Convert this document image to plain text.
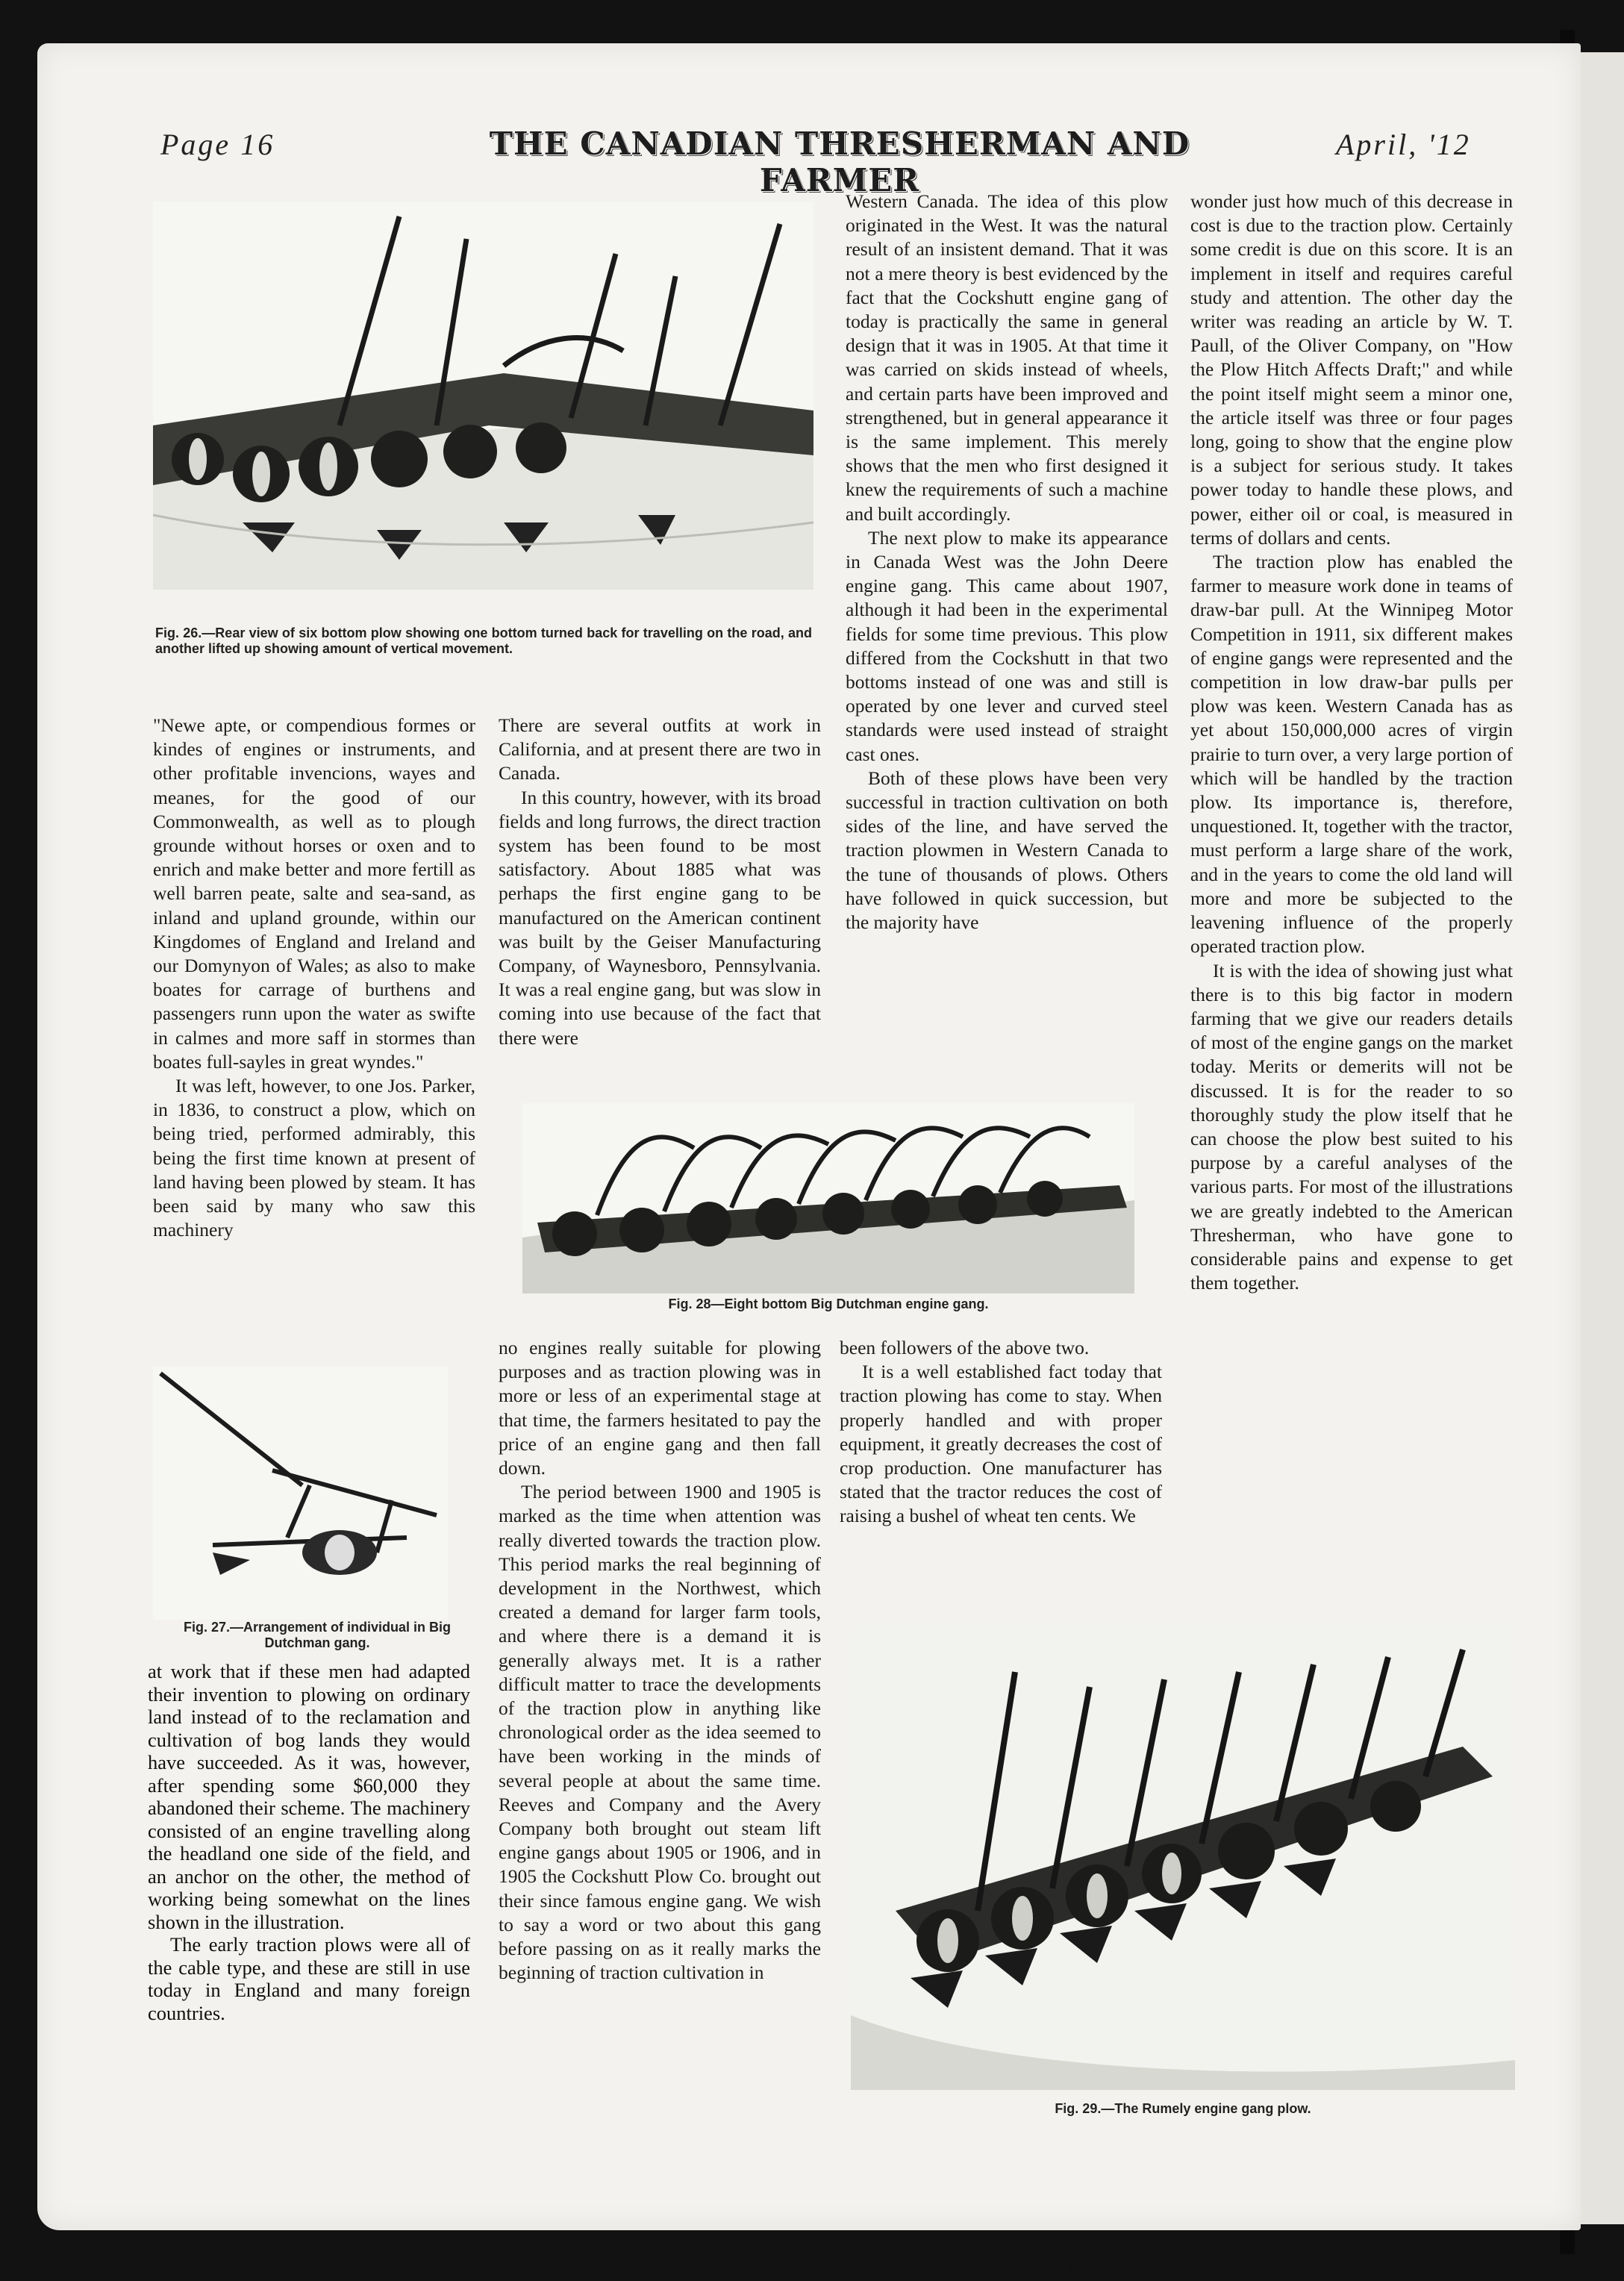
Page 16	THE CANADIAN THRESHERMAN AND FARMER
April, '12
Fig. 26.—Rear view of six bottom plow showing one bottom turned back for travelling on the road, and another lifted up showing amount of vertical movement.

"Newe apte, or compendious formes or kindes of engines or instruments, and other profitable invencions, wayes and meanes, for the good of our Commonwealth, as well as to plough grounde without horses or oxen and to enrich and make better and more fertill as well barren peate, salte and sea-sand, as inland and upland grounde, within our Kingdomes of England and Ireland and our Domynyon of Wales; as also to make boates for carrage of burthens and passengers runn upon the water as swifte in calmes and more saff in stormes than boates full-sayles in great wyndes."

It was left, however, to one Jos. Parker, in 1836, to construct a plow, which on being tried, performed admirably, this being the first time known at present of land having been plowed by steam. It has been said by many who saw this machinery

Fig. 27.—Arrangement of individual in Big Dutchman gang.

at work that if these men had adapted their invention to plowing on ordinary land instead of to the reclamation and cultivation of bog lands they would have succeeded. As it was, however, after spending some $60,000 they abandoned their scheme. The machinery consisted of an engine travelling along the headland one side of the field, and an anchor on the other, the method of working being somewhat on the lines shown in the illustration.

The early traction plows were all of the cable type, and these are still in use today in England and many foreign countries.

There are several outfits at work in California, and at present there are two in Canada.

In this country, however, with its broad fields and long furrows, the direct traction system has been found to be most satisfactory. About 1885 what was perhaps the first engine gang to be manufactured on the American continent was built by the Geiser Manufacturing Company, of Waynesboro, Pennsylvania. It was a real engine gang, but was slow in coming into use because of the fact that there were

Fig. 28—Eight bottom Big Dutchman engine gang.

no engines really suitable for plowing purposes and as traction plowing was in more or less of an experimental stage at that time, the farmers hesitated to pay the price of an engine gang and then fall down.

The period between 1900 and 1905 is marked as the time when attention was really diverted towards the traction plow. This period marks the real beginning of development in the Northwest, which created a demand for larger farm tools, and where there is a demand it is generally always met. It is a rather difficult matter to trace the developments of the traction plow in anything like chronological order as the idea seemed to have been working in the minds of several people at about the same time. Reeves and Company and the Avery Company both brought out steam lift engine gangs about 1905 or 1906, and in 1905 the Cockshutt Plow Co. brought out their since famous engine gang. We wish to say a word or two about this gang before passing on as it really marks the beginning of traction cultivation in

Western Canada. The idea of this plow originated in the West. It was the natural result of an insistent demand. That it was not a mere theory is best evidenced by the fact that the Cockshutt engine gang of today is practically the same in general design that it was in 1905. At that time it was carried on skids instead of wheels, and certain parts have been improved and strengthened, but in general appearance it is the same implement. This merely shows that the men who first designed it knew the requirements of such a machine and built accordingly.

The next plow to make its appearance in Canada West was the John Deere engine gang. This came about 1907, although it had been in the experimental fields for some time previous. This plow differed from the Cockshutt in that two bottoms instead of one was and still is operated by one lever and curved steel standards were used instead of straight cast ones.

Both of these plows have been very successful in traction cultivation on both sides of the line, and have served the traction plowmen in Western Canada to the tune of thousands of plows. Others have followed in quick succession, but the majority have

been followers of the above two.

It is a well established fact today that traction plowing has come to stay. When properly handled and with proper equipment, it greatly decreases the cost of crop production. One manufacturer has stated that the tractor reduces the cost of raising a bushel of wheat ten cents. We

wonder just how much of this decrease in cost is due to the traction plow. Certainly some credit is due on this score. It is an implement in itself and requires careful study and attention. The other day the writer was reading an article by W. T. Paull, of the Oliver Company, on "How the Plow Hitch Affects Draft;" and while the point itself might seem a minor one, the article itself was three or four pages long, going to show that the engine plow is a subject for serious study. It takes power today to handle these plows, and power, either oil or coal, is measured in terms of dollars and cents.

The traction plow has enabled the farmer to measure work done in teams of draw-bar pull. At the Winnipeg Motor Competition in 1911, six different makes of engine gangs were represented and the competition in low draw-bar pulls per plow was keen. Western Canada has as yet about 150,000,000 acres of virgin prairie to turn over, a very large portion of which will be handled by the traction plow. Its importance is, therefore, unquestioned. It, together with the tractor, must perform a large share of the work, and in the years to come the old land will more and more be subjected to the leavening influence of the properly operated traction plow.

It is with the idea of showing just what there is to this big factor in modern farming that we give our readers details of most of the engine gangs on the market today. Merits or demerits will not be discussed. It is for the reader to so thoroughly study the plow itself that he can choose the plow best suited to his purpose by a careful analyses of the various parts. For most of the illustrations we are greatly indebted to the American Thresherman, who have gone to considerable pains and expense to get them together.

Fig. 29.—The Rumely engine gang plow.
